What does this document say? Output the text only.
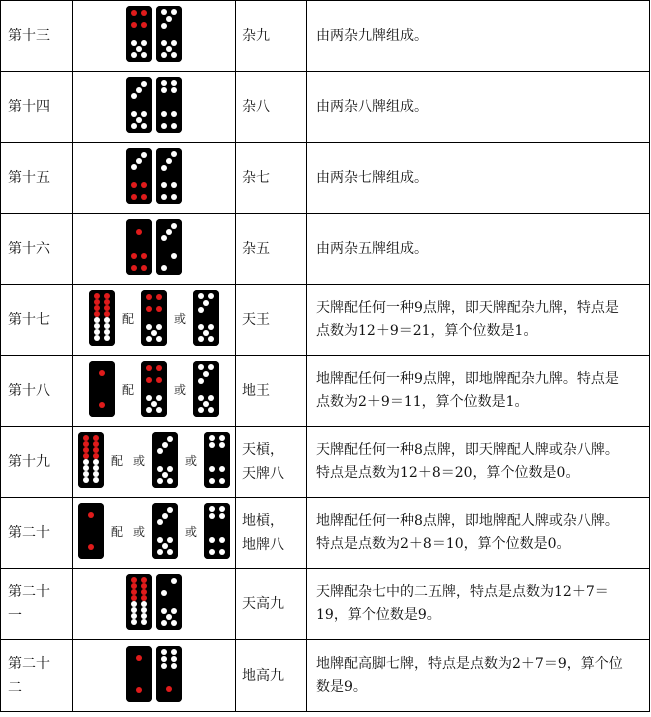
第十三		杂九	由两杂九牌组成。

第十四		杂八	由两杂八牌组成。

第十五		杂七	由两杂七牌组成。

第十六		杂五	由两杂五牌组成。

第十七	配 或	天王	天牌配任何一种9点牌，即天牌配杂九牌，特点是
点数为12＋9＝21，算个位数是1。

第十八	配 或	地王	地牌配任何一种9点牌，即地牌配杂九牌。特点是
点数为2＋9＝11，算个位数是1。

第十九	配 或 或	天槓，
天牌八	天牌配任何一种8点牌，即天牌配人牌或杂八牌。
特点是点数为12＋8＝20，算个位数是0。

第二十	配 或 或	地槓，
地牌八	地牌配任何一种8点牌，即地牌配人牌或杂八牌。
特点是点数为2＋8＝10，算个位数是0。

第二十
一		天高九	天牌配杂七中的二五牌，特点是点数为12＋7＝
19，算个位数是9。

第二十
二		地高九	地牌配高脚七牌，特点是点数为2＋7＝9，算个位
数是9。
